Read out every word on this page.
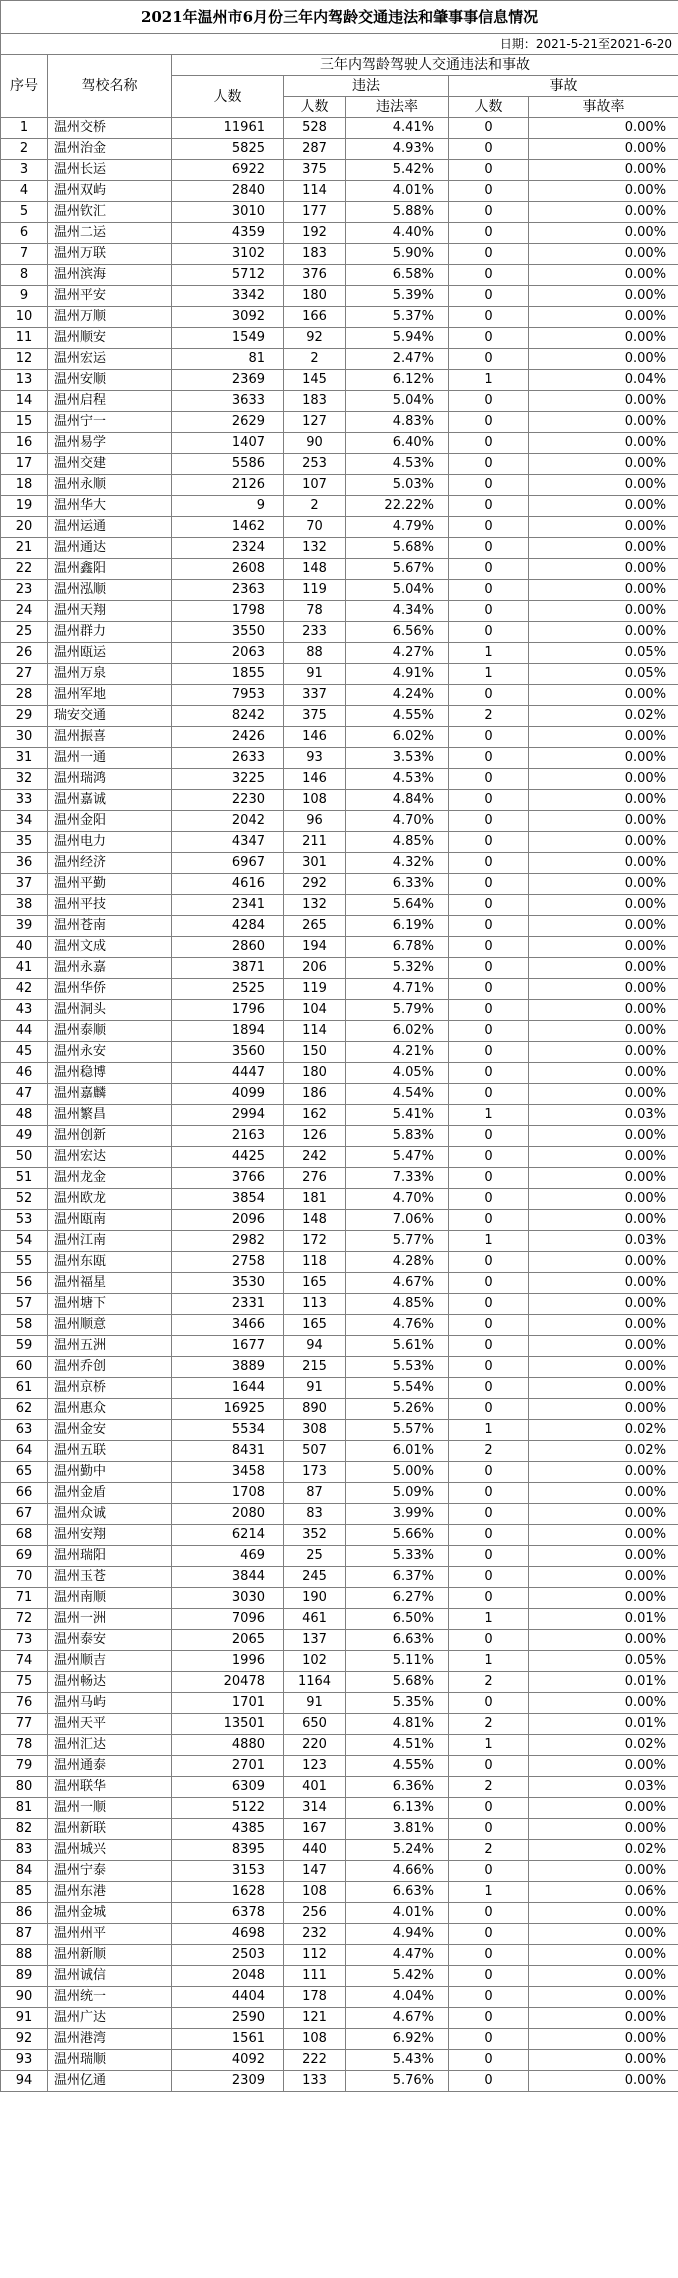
2021年温州市6月份三年内驾龄交通违法和肇事事信息情况						
日期：2021-5-21至2021-6-20						
序号	驾校名称	三年内驾龄驾驶人交通违法和事故				
		人数	违法		事故	
			人数	违法率	人数	事故率
1	温州交桥	11961	528	4.41%	0	0.00%
2	温州治金	5825	287	4.93%	0	0.00%
3	温州长运	6922	375	5.42%	0	0.00%
4	温州双屿	2840	114	4.01%	0	0.00%
5	温州钦汇	3010	177	5.88%	0	0.00%
6	温州二运	4359	192	4.40%	0	0.00%
7	温州万联	3102	183	5.90%	0	0.00%
8	温州滨海	5712	376	6.58%	0	0.00%
9	温州平安	3342	180	5.39%	0	0.00%
10	温州万顺	3092	166	5.37%	0	0.00%
11	温州顺安	1549	92	5.94%	0	0.00%
12	温州宏运	81	2	2.47%	0	0.00%
13	温州安顺	2369	145	6.12%	1	0.04%
14	温州启程	3633	183	5.04%	0	0.00%
15	温州宁一	2629	127	4.83%	0	0.00%
16	温州易学	1407	90	6.40%	0	0.00%
17	温州交建	5586	253	4.53%	0	0.00%
18	温州永顺	2126	107	5.03%	0	0.00%
19	温州华大	9	2	22.22%	0	0.00%
20	温州运通	1462	70	4.79%	0	0.00%
21	温州通达	2324	132	5.68%	0	0.00%
22	温州鑫阳	2608	148	5.67%	0	0.00%
23	温州泓顺	2363	119	5.04%	0	0.00%
24	温州天翔	1798	78	4.34%	0	0.00%
25	温州群力	3550	233	6.56%	0	0.00%
26	温州瓯运	2063	88	4.27%	1	0.05%
27	温州万泉	1855	91	4.91%	1	0.05%
28	温州军地	7953	337	4.24%	0	0.00%
29	瑞安交通	8242	375	4.55%	2	0.02%
30	温州振喜	2426	146	6.02%	0	0.00%
31	温州一通	2633	93	3.53%	0	0.00%
32	温州瑞鸿	3225	146	4.53%	0	0.00%
33	温州嘉诚	2230	108	4.84%	0	0.00%
34	温州金阳	2042	96	4.70%	0	0.00%
35	温州电力	4347	211	4.85%	0	0.00%
36	温州经济	6967	301	4.32%	0	0.00%
37	温州平勤	4616	292	6.33%	0	0.00%
38	温州平技	2341	132	5.64%	0	0.00%
39	温州苍南	4284	265	6.19%	0	0.00%
40	温州文成	2860	194	6.78%	0	0.00%
41	温州永嘉	3871	206	5.32%	0	0.00%
42	温州华侨	2525	119	4.71%	0	0.00%
43	温州洞头	1796	104	5.79%	0	0.00%
44	温州泰顺	1894	114	6.02%	0	0.00%
45	温州永安	3560	150	4.21%	0	0.00%
46	温州稳博	4447	180	4.05%	0	0.00%
47	温州嘉麟	4099	186	4.54%	0	0.00%
48	温州繁昌	2994	162	5.41%	1	0.03%
49	温州创新	2163	126	5.83%	0	0.00%
50	温州宏达	4425	242	5.47%	0	0.00%
51	温州龙金	3766	276	7.33%	0	0.00%
52	温州欧龙	3854	181	4.70%	0	0.00%
53	温州瓯南	2096	148	7.06%	0	0.00%
54	温州江南	2982	172	5.77%	1	0.03%
55	温州东瓯	2758	118	4.28%	0	0.00%
56	温州福星	3530	165	4.67%	0	0.00%
57	温州塘下	2331	113	4.85%	0	0.00%
58	温州顺意	3466	165	4.76%	0	0.00%
59	温州五洲	1677	94	5.61%	0	0.00%
60	温州乔创	3889	215	5.53%	0	0.00%
61	温州京桥	1644	91	5.54%	0	0.00%
62	温州惠众	16925	890	5.26%	0	0.00%
63	温州金安	5534	308	5.57%	1	0.02%
64	温州五联	8431	507	6.01%	2	0.02%
65	温州勤中	3458	173	5.00%	0	0.00%
66	温州金盾	1708	87	5.09%	0	0.00%
67	温州众诚	2080	83	3.99%	0	0.00%
68	温州安翔	6214	352	5.66%	0	0.00%
69	温州瑞阳	469	25	5.33%	0	0.00%
70	温州玉苍	3844	245	6.37%	0	0.00%
71	温州南顺	3030	190	6.27%	0	0.00%
72	温州一洲	7096	461	6.50%	1	0.01%
73	温州泰安	2065	137	6.63%	0	0.00%
74	温州顺吉	1996	102	5.11%	1	0.05%
75	温州畅达	20478	1164	5.68%	2	0.01%
76	温州马屿	1701	91	5.35%	0	0.00%
77	温州天平	13501	650	4.81%	2	0.01%
78	温州汇达	4880	220	4.51%	1	0.02%
79	温州通泰	2701	123	4.55%	0	0.00%
80	温州联华	6309	401	6.36%	2	0.03%
81	温州一顺	5122	314	6.13%	0	0.00%
82	温州新联	4385	167	3.81%	0	0.00%
83	温州城兴	8395	440	5.24%	2	0.02%
84	温州宁泰	3153	147	4.66%	0	0.00%
85	温州东港	1628	108	6.63%	1	0.06%
86	温州金城	6378	256	4.01%	0	0.00%
87	温州州平	4698	232	4.94%	0	0.00%
88	温州新顺	2503	112	4.47%	0	0.00%
89	温州诚信	2048	111	5.42%	0	0.00%
90	温州统一	4404	178	4.04%	0	0.00%
91	温州广达	2590	121	4.67%	0	0.00%
92	温州港湾	1561	108	6.92%	0	0.00%
93	温州瑞顺	4092	222	5.43%	0	0.00%
94	温州亿通	2309	133	5.76%	0	0.00%
